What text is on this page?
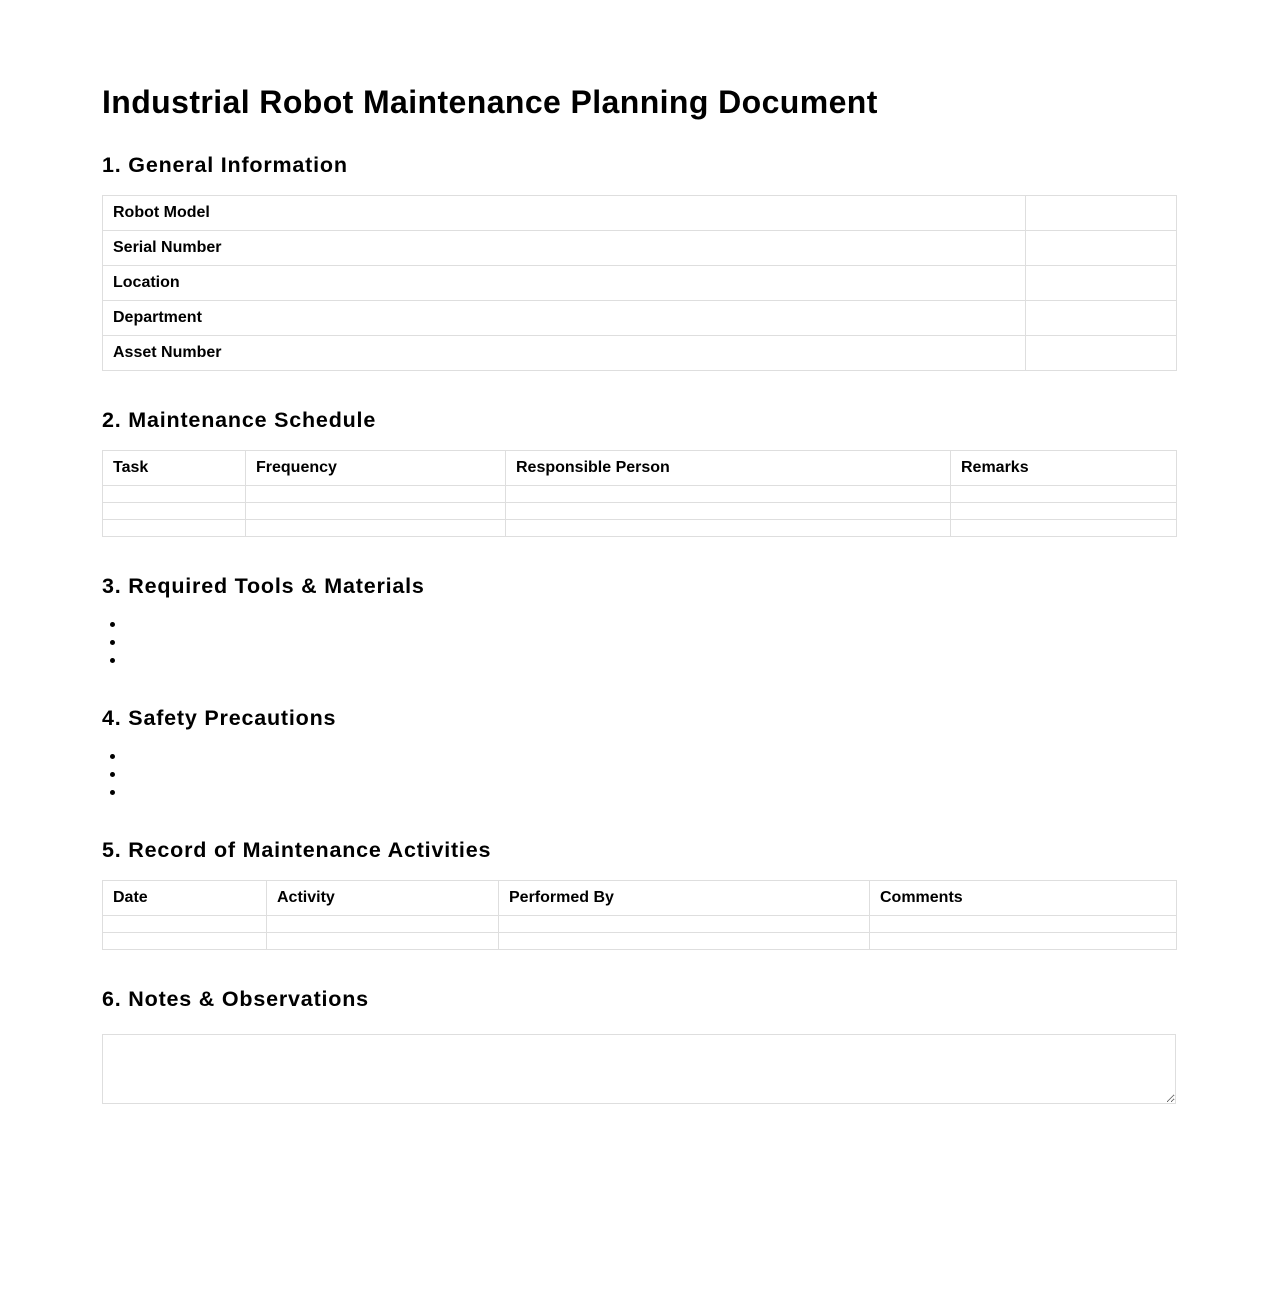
Industrial Robot Maintenance Planning Document
1. General Information
Robot Model	
Serial Number	
Location	
Department	
Asset Number	
2. Maintenance Schedule
Task	Frequency	Responsible Person	Remarks

3. Required Tools & Materials
4. Safety Precautions
5. Record of Maintenance Activities
Date	Activity	Performed By	Comments

6. Notes & Observations
